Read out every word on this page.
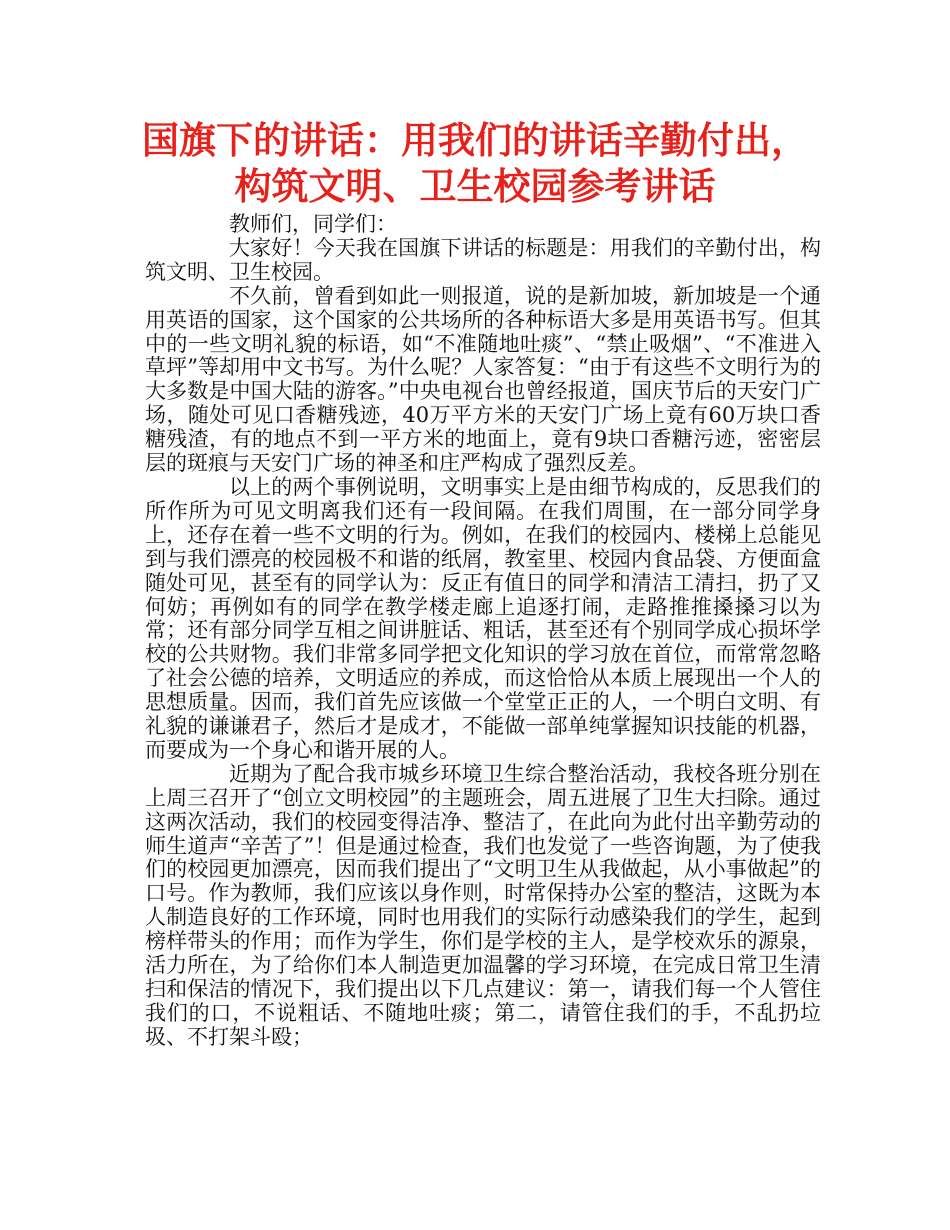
国旗下的讲话：用我们的讲话辛勤付出，
构筑文明、卫生校园参考讲话

教师们，同学们：

大家好！今天我在国旗下讲话的标题是：用我们的辛勤付出，构筑文明、卫生校园。

不久前，曾看到如此一则报道，说的是新加坡，新加坡是一个通用英语的国家，这个国家的公共场所的各种标语大多是用英语书写。但其中的一些文明礼貌的标语，如“不准随地吐痰”、“禁止吸烟”、“不准进入草坪”等却用中文书写。为什么呢？人家答复：“由于有这些不文明行为的大多数是中国大陆的游客。”中央电视台也曾经报道，国庆节后的天安门广场，随处可见口香糖残迹，40万平方米的天安门广场上竟有60万块口香糖残渣，有的地点不到一平方米的地面上，竟有9块口香糖污迹，密密层层的斑痕与天安门广场的神圣和庄严构成了强烈反差。

以上的两个事例说明，文明事实上是由细节构成的，反思我们的所作所为可见文明离我们还有一段间隔。在我们周围，在一部分同学身上，还存在着一些不文明的行为。例如，在我们的校园内、楼梯上总能见到与我们漂亮的校园极不和谐的纸屑，教室里、校园内食品袋、方便面盒随处可见，甚至有的同学认为：反正有值日的同学和清洁工清扫，扔了又何妨；再例如有的同学在教学楼走廊上追逐打闹，走路推推搡搡习以为常；还有部分同学互相之间讲脏话、粗话，甚至还有个别同学成心损坏学校的公共财物。我们非常多同学把文化知识的学习放在首位，而常常忽略了社会公德的培养，文明适应的养成，而这恰恰从本质上展现出一个人的思想质量。因而，我们首先应该做一个堂堂正正的人，一个明白文明、有礼貌的谦谦君子，然后才是成才，不能做一部单纯掌握知识技能的机器，而要成为一个身心和谐开展的人。

近期为了配合我市城乡环境卫生综合整治活动，我校各班分别在上周三召开了“创立文明校园”的主题班会，周五进展了卫生大扫除。通过这两次活动，我们的校园变得洁净、整洁了，在此向为此付出辛勤劳动的师生道声“辛苦了”！但是通过检查，我们也发觉了一些咨询题，为了使我们的校园更加漂亮，因而我们提出了“文明卫生从我做起，从小事做起”的口号。作为教师，我们应该以身作则，时常保持办公室的整洁，这既为本人制造良好的工作环境，同时也用我们的实际行动感染我们的学生，起到榜样带头的作用；而作为学生，你们是学校的主人，是学校欢乐的源泉，活力所在，为了给你们本人制造更加温馨的学习环境，在完成日常卫生清扫和保洁的情况下，我们提出以下几点建议：第一，请我们每一个人管住我们的口，不说粗话、不随地吐痰；第二，请管住我们的手，不乱扔垃圾、不打架斗殴；
